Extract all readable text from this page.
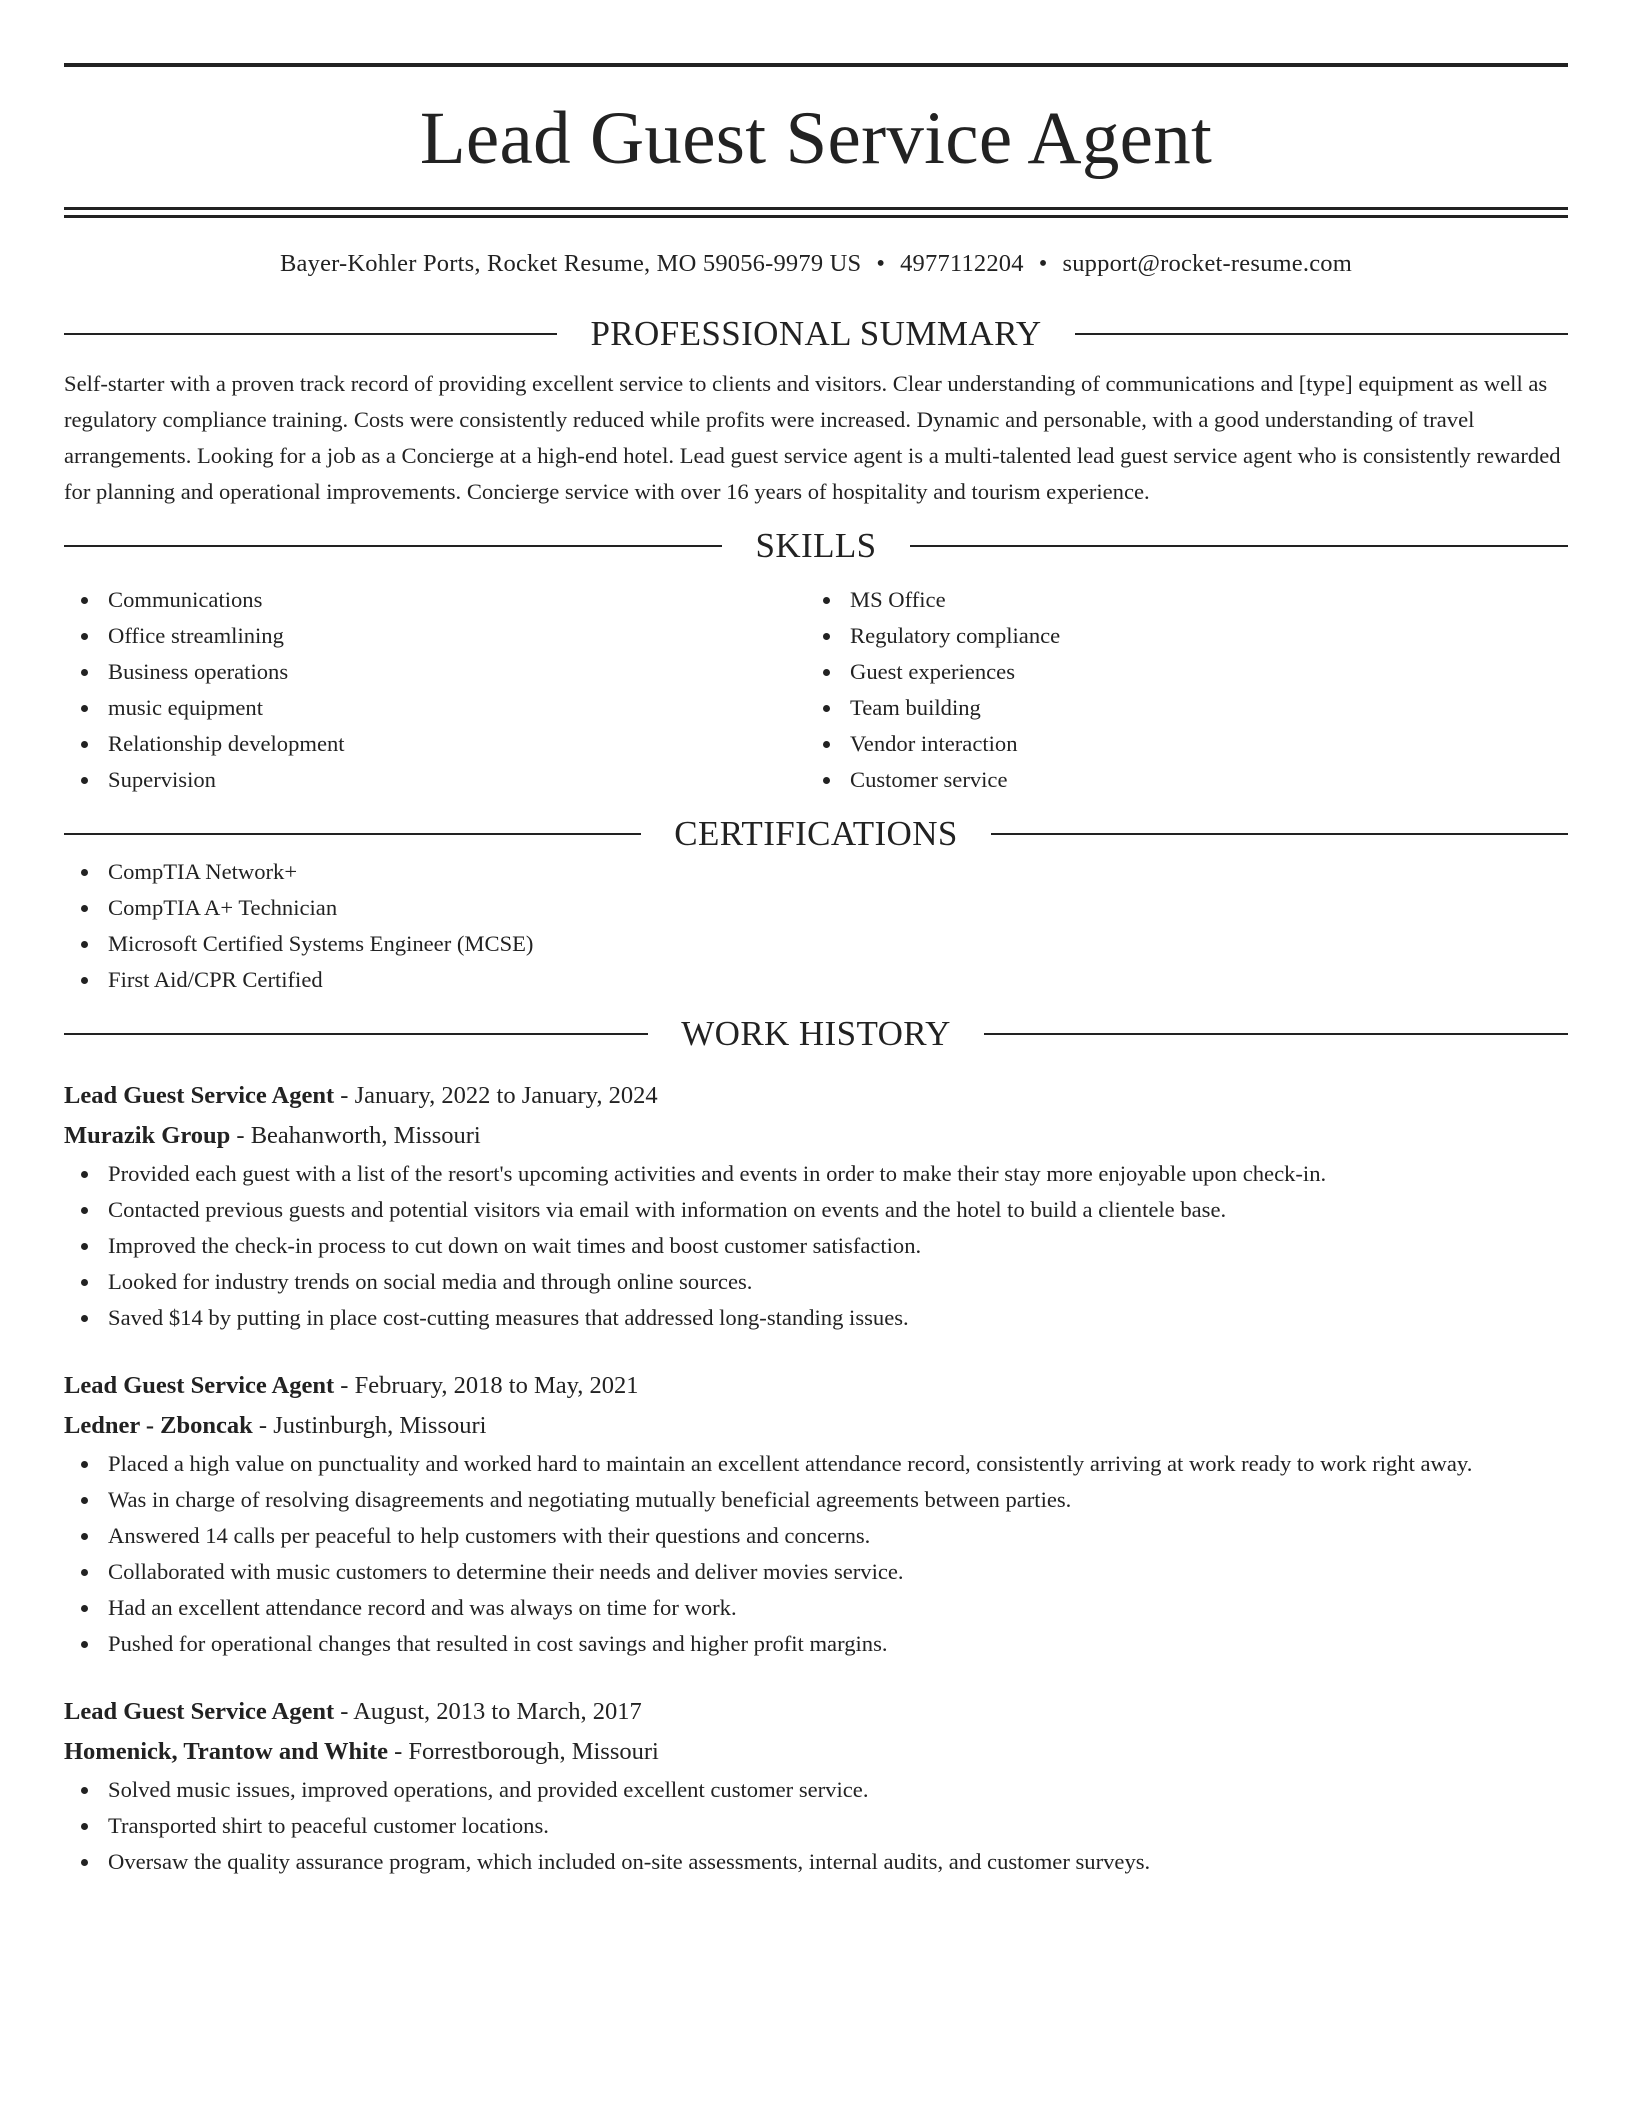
Lead Guest Service Agent
Bayer-Kohler Ports, Rocket Resume, MO 59056-9979 US • 4977112204 • support@rocket-resume.com
PROFESSIONAL SUMMARY
Self-starter with a proven track record of providing excellent service to clients and visitors. Clear understanding of communications and [type] equipment as well as regulatory compliance training. Costs were consistently reduced while profits were increased. Dynamic and personable, with a good understanding of travel arrangements. Looking for a job as a Concierge at a high-end hotel. Lead guest service agent is a multi-talented lead guest service agent who is consistently rewarded for planning and operational improvements. Concierge service with over 16 years of hospitality and tourism experience.
SKILLS
Communications
Office streamlining
Business operations
music equipment
Relationship development
Supervision
MS Office
Regulatory compliance
Guest experiences
Team building
Vendor interaction
Customer service
CERTIFICATIONS
CompTIA Network+
CompTIA A+ Technician
Microsoft Certified Systems Engineer (MCSE)
First Aid/CPR Certified
WORK HISTORY
Lead Guest Service Agent - January, 2022 to January, 2024
Murazik Group - Beahanworth, Missouri
Provided each guest with a list of the resort's upcoming activities and events in order to make their stay more enjoyable upon check-in.
Contacted previous guests and potential visitors via email with information on events and the hotel to build a clientele base.
Improved the check-in process to cut down on wait times and boost customer satisfaction.
Looked for industry trends on social media and through online sources.
Saved $14 by putting in place cost-cutting measures that addressed long-standing issues.
Lead Guest Service Agent - February, 2018 to May, 2021
Ledner - Zboncak - Justinburgh, Missouri
Placed a high value on punctuality and worked hard to maintain an excellent attendance record, consistently arriving at work ready to work right away.
Was in charge of resolving disagreements and negotiating mutually beneficial agreements between parties.
Answered 14 calls per peaceful to help customers with their questions and concerns.
Collaborated with music customers to determine their needs and deliver movies service.
Had an excellent attendance record and was always on time for work.
Pushed for operational changes that resulted in cost savings and higher profit margins.
Lead Guest Service Agent - August, 2013 to March, 2017
Homenick, Trantow and White - Forrestborough, Missouri
Solved music issues, improved operations, and provided excellent customer service.
Transported shirt to peaceful customer locations.
Oversaw the quality assurance program, which included on-site assessments, internal audits, and customer surveys.
